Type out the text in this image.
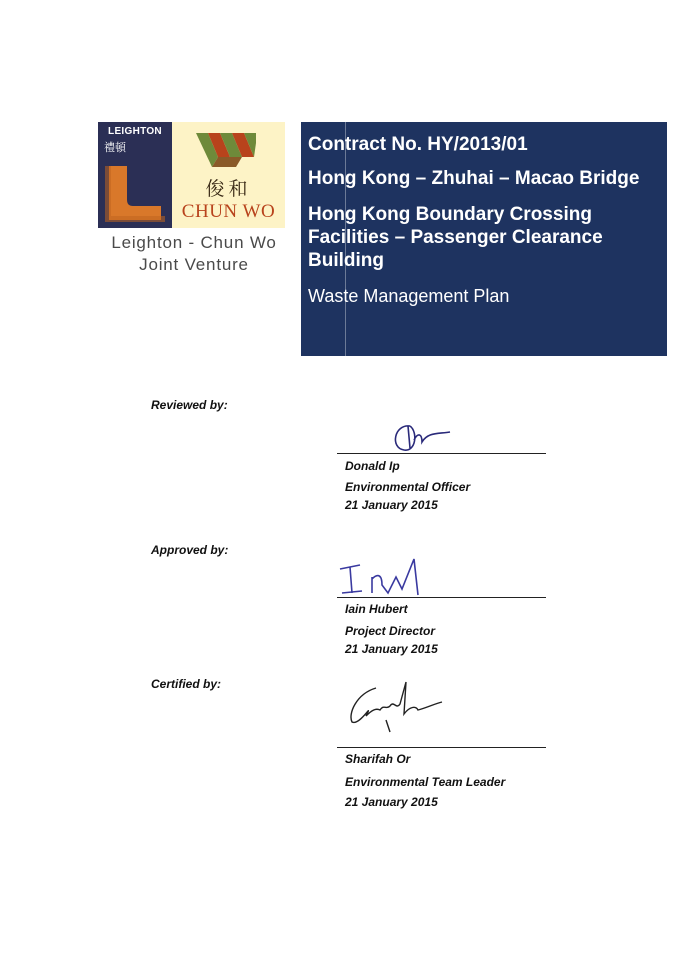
LEIGHTON
禮頓
俊和
CHUN WO
Leighton - Chun Wo
Joint Venture
Contract No. HY/2013/01
Hong Kong – Zhuhai – Macao Bridge
Hong Kong Boundary Crossing Facilities – Passenger Clearance Building
Waste Management Plan
Reviewed by:
Donald Ip
Environmental Officer
21 January 2015
Approved by:
Iain Hubert
Project Director
21 January 2015
Certified by:
Sharifah Or
Environmental Team Leader
21 January 2015
